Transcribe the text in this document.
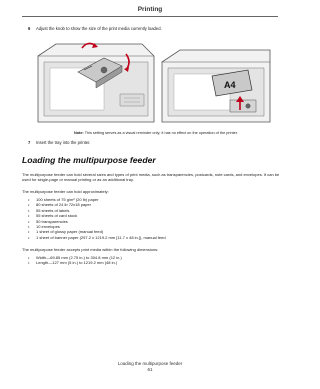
Printing
6 Adjust the knob to show the size of the print media currently loaded.
A4
Note: This setting serves as a visual reminder only; it has no effect on the operation of the printer.
7 Insert the tray into the printer.
Loading the multipurpose feeder
The multipurpose feeder can hold several sizes and types of print media, such as transparencies, postcards, note cards, and envelopes. It can be used for single-page or manual printing or as an additional tray.
The multipurpose feeder can hold approximately:
• 100 sheets of 75 g/m² (20 lb) paper
• 80 sheets of 24 lb 72x18 paper
• 55 sheets of labels
• 55 sheets of card stock
• 50 transparencies
• 10 envelopes
• 1 sheet of glossy paper (manual feed)
• 1 sheet of banner paper (297.2 x 1219.2 mm [11.7 x 48 in.]), manual feed
The multipurpose feeder accepts print media within the following dimensions:
• Width—69.85 mm (2.75 in.) to 304.8 mm (12 in.)
• Length—127 mm (5 in.) to 1219.2 mm (48 in.)
Loading the multipurpose feeder
61
